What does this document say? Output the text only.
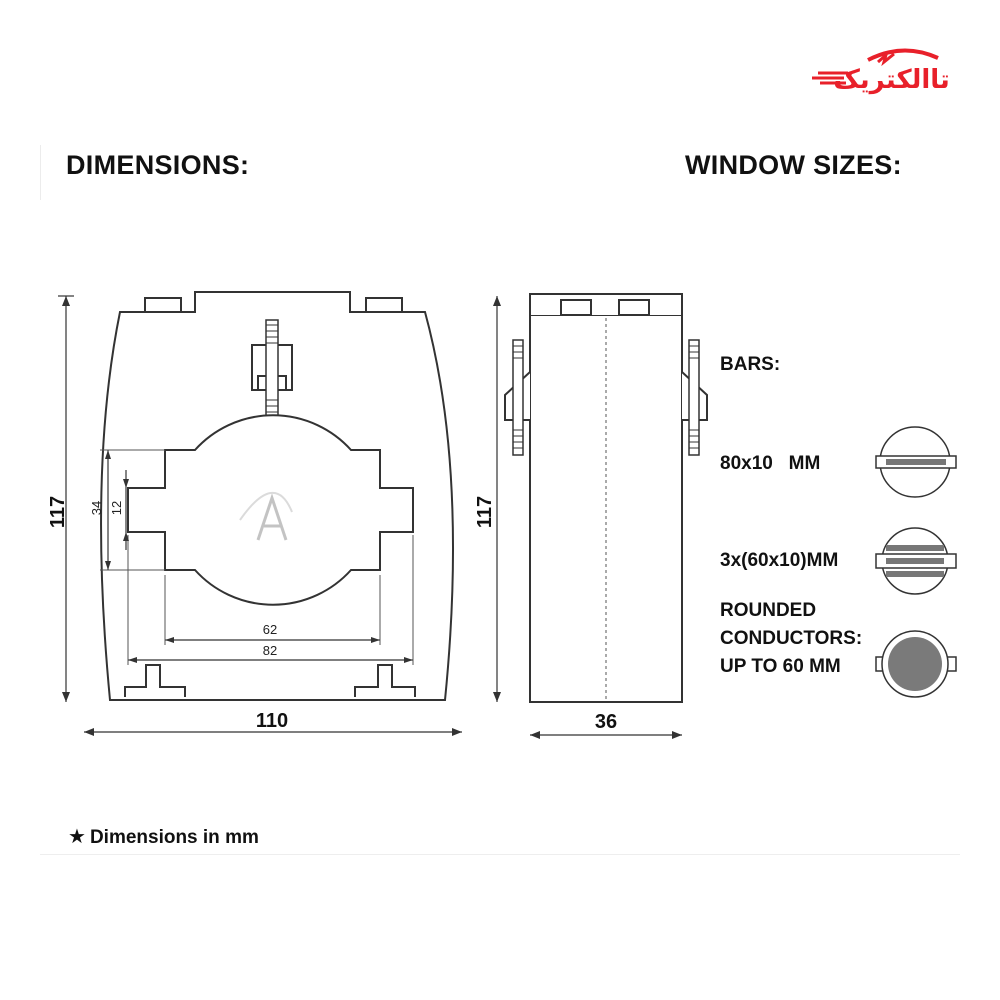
آتاالکتریک
DIMENSIONS:	WINDOW SIZES:
117
110
62
82
34 12	117
36
BARS:
80x10   MM
3x(60x10)MM
ROUNDED
CONDUCTORS:
UP TO 60 MM
★ Dimensions in mm
